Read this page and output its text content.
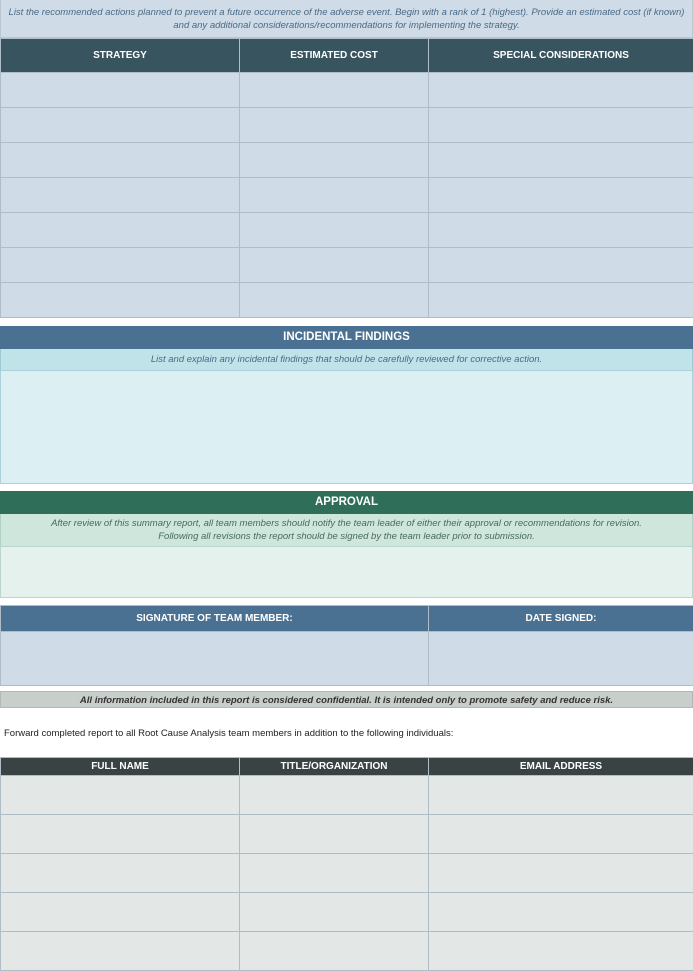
List the recommended actions planned to prevent a future occurrence of the adverse event. Begin with a rank of 1 (highest). Provide an estimated cost (if known) and any additional considerations/recommendations for implementing the strategy.
STRATEGY	ESTIMATED COST	SPECIAL CONSIDERATIONS

INCIDENTAL FINDINGS
List and explain any incidental findings that should be carefully reviewed for corrective action.
APPROVAL
After review of this summary report, all team members should notify the team leader of either their approval or recommendations for revision.
Following all revisions the report should be signed by the team leader prior to submission.
SIGNATURE OF TEAM MEMBER:	DATE SIGNED:

All information included in this report is considered confidential. It is intended only to promote safety and reduce risk.
Forward completed report to all Root Cause Analysis team members in addition to the following individuals:
FULL NAME	TITLE/ORGANIZATION	EMAIL ADDRESS
